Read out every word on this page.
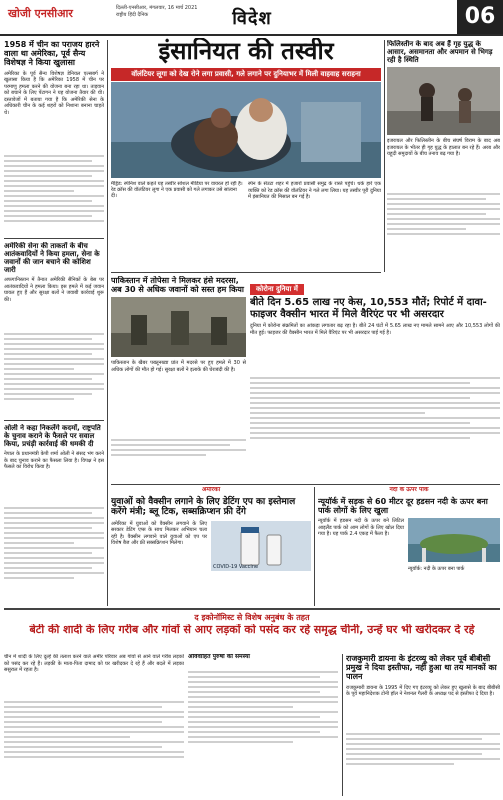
खोजी एनसीआर	दिल्ली-एनसीआर, मंगलवार, 16 मार्च 2021
राष्ट्रीय हिंदी दैनिक	विदेश	06
1958 में चीन का पराजय हारने वाला था अमेरिका, पूर्व सैन्य विशेषज्ञ ने किया खुलासा
अमेरिका के पूर्व सैन्य विशेषज्ञ डेनियल एल्सबर्ग ने खुलासा किया है कि अमेरिका 1958 में चीन पर परमाणु हमला करने की योजना बना रहा था। ताइवान को बचाने के लिए पेंटागन ने यह योजना तैयार की थी। दस्तावेजों में बताया गया है कि अमेरिकी सेना के अधिकारी चीन के कई शहरों को निशाना बनाना चाहते थे।
अमेरिकी सेना की ताकतों के बीच आतंकवादियों ने किया हमला, सेना के जवानों की जान बचाने की कोशिश जारी
अफगानिस्तान में तैनात अमेरिकी सैनिकों के बेस पर आतंकवादियों ने हमला किया। इस हमले में कई जवान घायल हुए हैं और सुरक्षा बलों ने जवाबी कार्रवाई शुरू की।
ओली ने कहा निकलेंगे कदमों, राष्ट्रपति के चुनाव कराने के फैसले पर सवाल किया, प्रचंड़ी कार्रवाई की धमकी दी
नेपाल के प्रधानमंत्री केपी शर्मा ओली ने संसद भंग करने के बाद चुनाव कराने का फैसला लिया है। विपक्ष ने इस फैसले का विरोध किया है।
इंसानियत की तस्वीर
वॉलंटियर लूगा को देख रोने लगा प्रवासी, गले लगाने पर दुनियाभर में मिली वाहवाह सराहना
मैड्रिड: स्पेनिश वाले कहते यह तस्वीर सोशल मीडिया पर वायरल हो रही है। रेड क्रॉस की वॉलंटियर लूगा ने एक प्रवासी को गले लगाकर उसे सांत्वना दी।
स्पेन के सेउटा शहर में हजारों प्रवासी समुद्र के रास्ते पहुंचे। थके हारे एक व्यक्ति को रेड क्रॉस की वॉलंटियर ने गले लगा लिया। यह तस्वीर पूरी दुनिया में इंसानियत की मिसाल बन गई है।
पाकिस्तान में तोपेसा ने मिलकर हंसे मदरसा, अब 30 से अधिक जवानों को सस्त हम किया
पाकिस्तान के खैबर पख्तूनख्वा प्रांत में मदरसे पर हुए हमले में 30 से अधिक लोगों की मौत हो गई। सुरक्षा बलों ने इलाके की घेराबंदी की है।
कोरोना दुनिया में
बीते दिन 5.65 लाख नए केस, 10,553 मौतें; रिपोर्ट में दावा- फाइजर वैक्सीन भारत में मिले वैरिएंट पर भी असरदार
दुनिया में कोरोना संक्रमितों का आंकड़ा लगातार बढ़ रहा है। बीते 24 घंटों में 5.65 लाख नए मामले सामने आए और 10,553 लोगों की मौत हुई। फाइजर की वैक्सीन भारत में मिले वैरिएंट पर भी असरदार पाई गई है।
फिलिस्तीन के बाद अब हैं गृह युद्ध के आसार, असमानता और अपमान से भिगड़ रही है स्थिति
इजरायल और फिलिस्तीन के बीच संघर्ष विराम के बाद अब इजरायल के भीतर ही गृह युद्ध के हालात बन रहे हैं। अरब और यहूदी समुदायों के बीच तनाव बढ़ गया है।
अमेरिका
युवाओं को वैक्सीन लगाने के लिए डेटिंग एप का इस्तेमाल करेंगे मंत्री; ब्लू टिक, सब्सक्रिप्शन फ्री देंगे
अमेरिका में युवाओं को वैक्सीन लगवाने के लिए सरकार डेटिंग एप्स के साथ मिलकर अभियान चला रही है। वैक्सीन लगवाने वाले युवाओं को एप पर विशेष बैज और फ्री सब्सक्रिप्शन मिलेगा।
COVID-19 Vaccine
नदी के ऊपर पार्क
न्यूयॉर्क में सड़क से 60 मीटर दूर हडसन नदी के ऊपर बना पार्क लोगों के लिए खुला
न्यूयॉर्क में हडसन नदी के ऊपर बने लिटिल आइलैंड पार्क को आम लोगों के लिए खोल दिया गया है। यह पार्क 2.4 एकड़ में फैला है।
न्यूयॉर्क: नदी के ऊपर बना पार्क
द इकोनॉमिस्ट से विशेष अनुबंध के तहत
बेटी की शादी के लिए गरीब और गांवों से आए लड़कों को पसंद कर रहे समृद्ध चीनी, उन्हें घर भी खरीदकर दे रहे
चीन में शादी के लिए दूल्हे की तलाश करने वाले अमीर परिवार अब गांवों से आने वाले गरीब लड़कों को पसंद कर रहे हैं। लड़की के माता-पिता दामाद को घर खरीदकर दे रहे हैं और बदले में लड़का ससुराल में रहता है।
अविवाहित पुरुषों की समस्या	राजकुमारी डायना के इंटरव्यू को लेकर पूर्व बीबीसी प्रमुख ने दिया इस्तीफा, नहीं हुआ था तय मानकों का पालन
राजकुमारी डायना के 1995 में दिए गए इंटरव्यू को लेकर हुए खुलासे के बाद बीबीसी के पूर्व महानिदेशक टोनी हॉल ने नेशनल गैलरी के अध्यक्ष पद से इस्तीफा दे दिया है।
